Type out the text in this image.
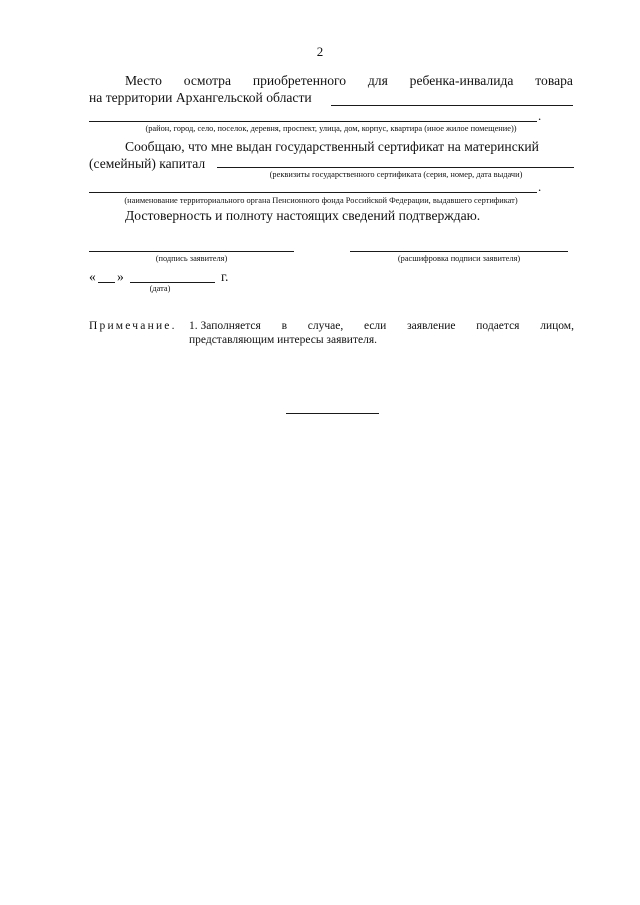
2
Место осмотра приобретенного для ребенка-инвалида товара
на территории Архангельской области
.
(район, город, село, поселок, деревня, проспект, улица, дом, корпус, квартира (иное жилое помещение))
Сообщаю, что мне выдан государственный сертификат на материнский
(семейный) капитал
(реквизиты государственного сертификата (серия, номер, дата выдачи)
.
(наименование территориального органа Пенсионного фонда Российской Федерации, выдавшего сертификат)
Достоверность и полноту настоящих сведений подтверждаю.
(подпись заявителя)	(расшифровка подписи заявителя)
« »	г.
(дата)
Примечание. 1. Заполняется в случае, если заявление подается лицом,
представляющим интересы заявителя.
